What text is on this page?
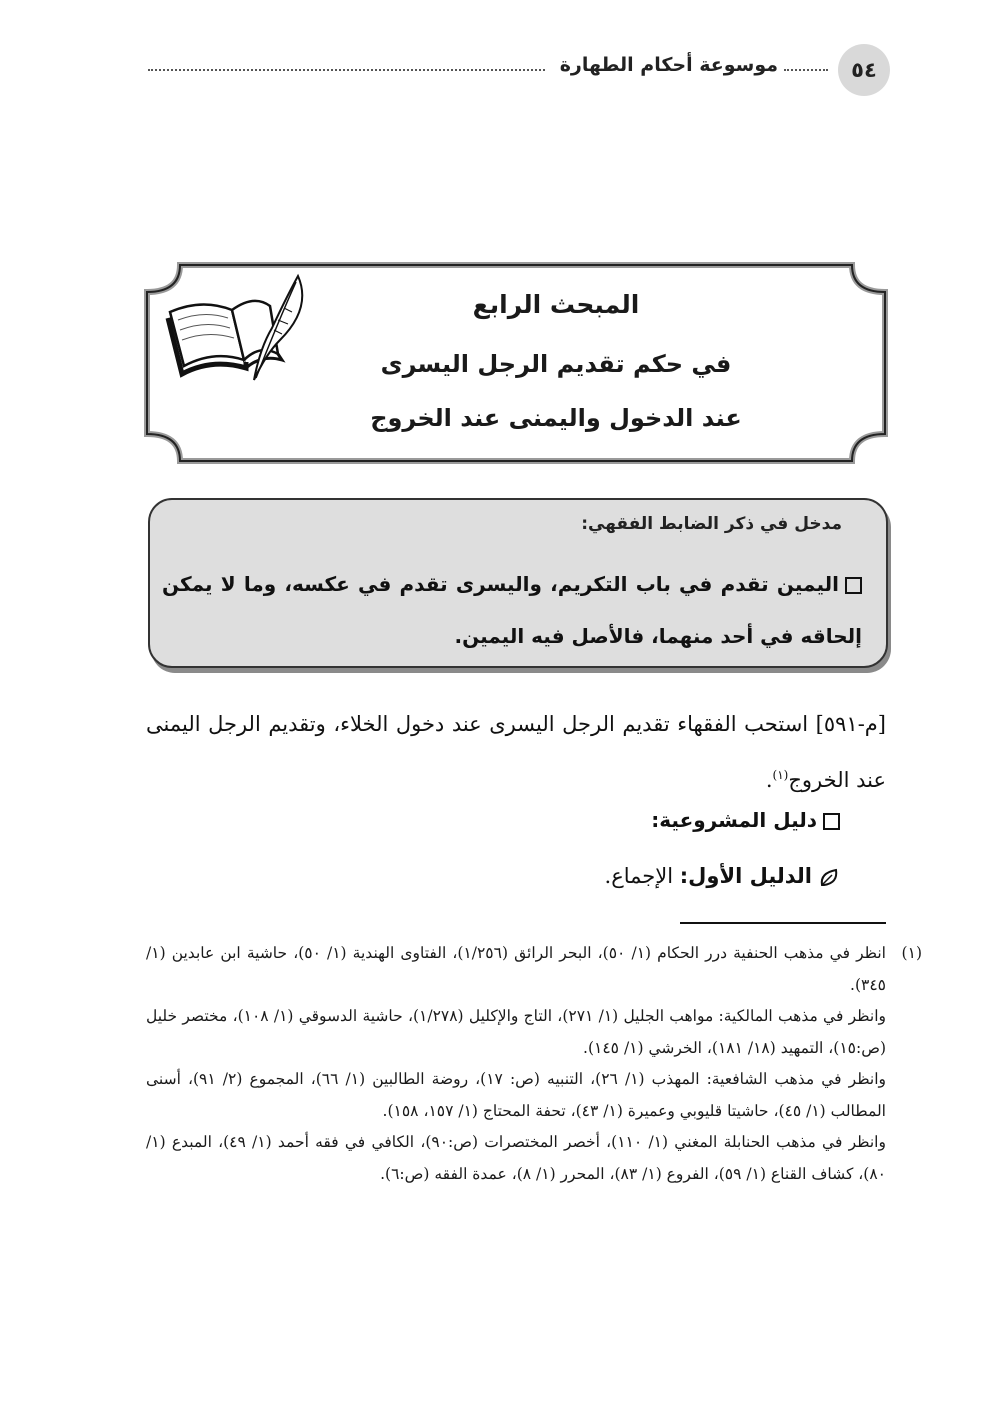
٥٤
موسوعة أحكام الطهارة
المبحث الرابع
في حكم تقديم الرجل اليسرى
عند الدخول واليمنى عند الخروج
مدخل في ذكر الضابط الفقهي:
اليمين تقدم في باب التكريم، واليسرى تقدم في عكسه، وما لا يمكن إلحاقه في أحد منهما، فالأصل فيه اليمين.
[م-٥٩١] استحب الفقهاء تقديم الرجل اليسرى عند دخول الخلاء، وتقديم الرجل اليمنى عند الخروج$^{(١)}$.
دليل المشروعية:
الدليل الأول: الإجماع.
(١)

انظر في مذهب الحنفية درر الحكام (١/ ٥٠)، البحر الرائق (١/٢٥٦)، الفتاوى الهندية (١/ ٥٠)، حاشية ابن عابدين (١/ ٣٤٥).

وانظر في مذهب المالكية: مواهب الجليل (١/ ٢٧١)، التاج والإكليل (١/٢٧٨)، حاشية الدسوقي (١/ ١٠٨)، مختصر خليل (ص:١٥)، التمهيد (١٨/ ١٨١)، الخرشي (١/ ١٤٥).

وانظر في مذهب الشافعية: المهذب (١/ ٢٦)، التنبيه (ص: ١٧)، روضة الطالبين (١/ ٦٦)، المجموع (٢/ ٩١)، أسنى المطالب (١/ ٤٥)، حاشيتا قليوبي وعميرة (١/ ٤٣)، تحفة المحتاج (١/ ١٥٧، ١٥٨).

وانظر في مذهب الحنابلة المغني (١/ ١١٠)، أخصر المختصرات (ص:٩٠)، الكافي في فقه أحمد (١/ ٤٩)، المبدع (١/ ٨٠)، كشاف القناع (١/ ٥٩)، الفروع (١/ ٨٣)، المحرر (١/ ٨)، عمدة الفقه (ص:٦).
